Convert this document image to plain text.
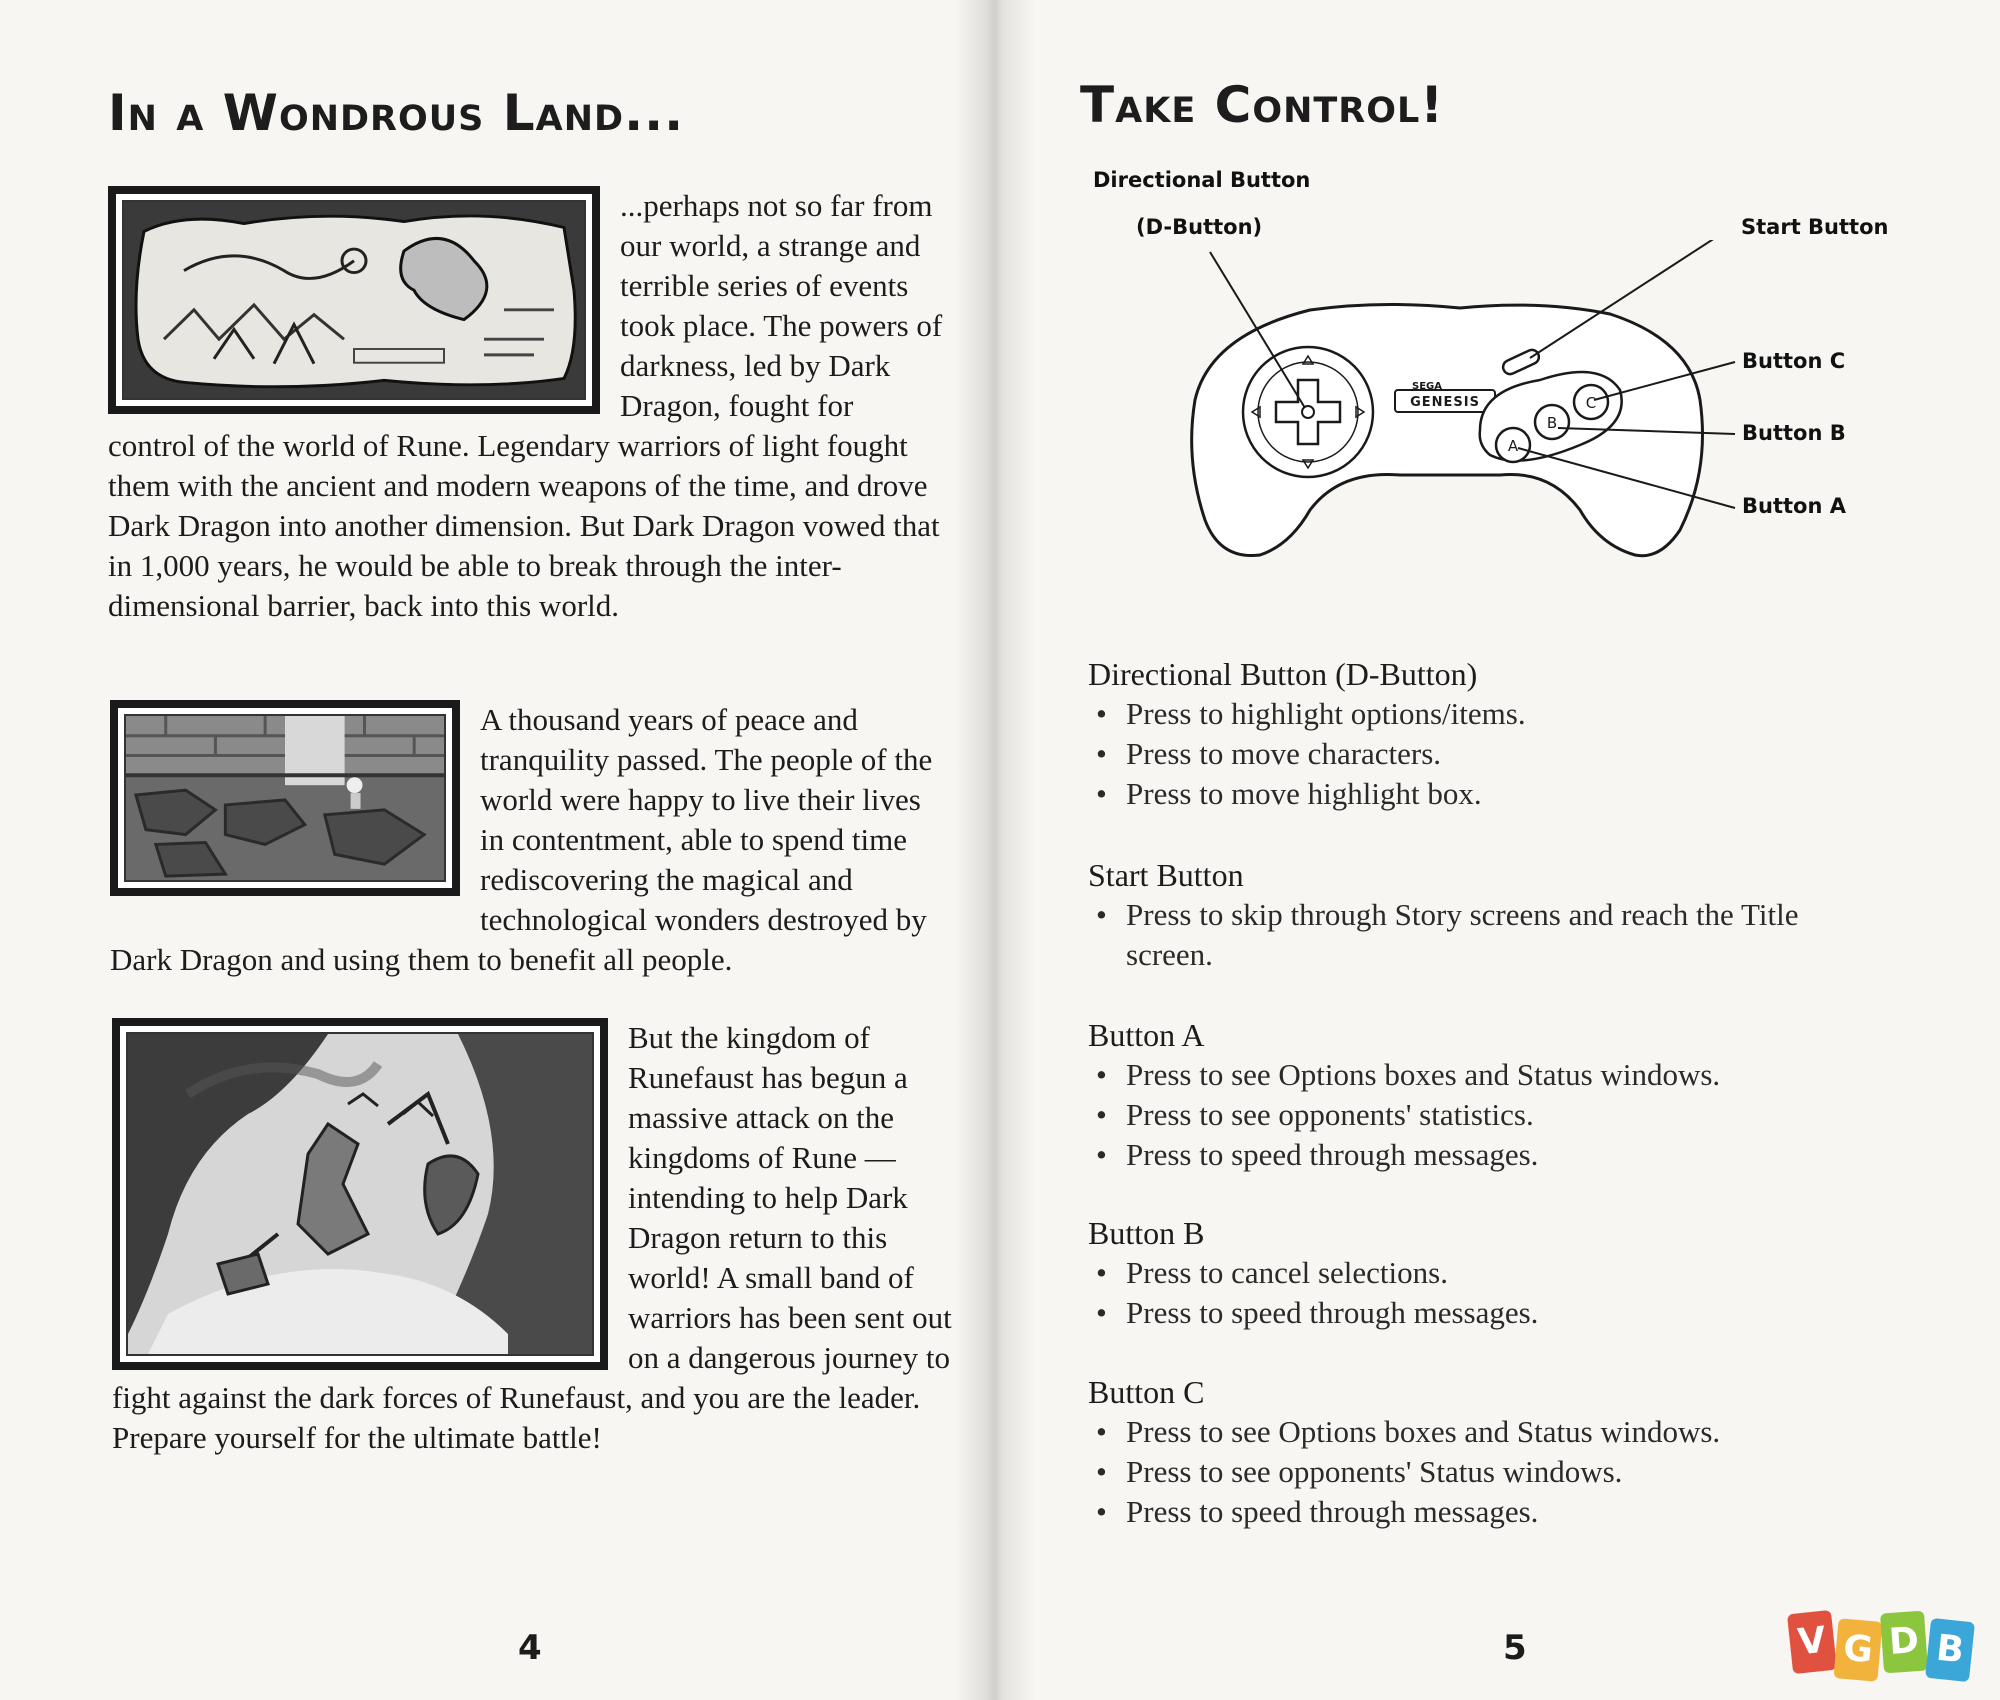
In a Wondrous Land...
...perhaps not so far from our world, a strange and terrible series of events took place. The powers of darkness, led by Dark Dragon, fought for control of the world of Rune. Legendary warriors of light fought them with the ancient and modern weapons of the time, and drove Dark Dragon into another dimension. But Dark Dragon vowed that in 1,000 years, he would be able to break through the inter-dimensional barrier, back into this world.
A thousand years of peace and tranquility passed. The people of the world were happy to live their lives in contentment, able to spend time rediscovering the magical and technological wonders destroyed by Dark Dragon and using them to benefit all people.
But the kingdom of Runefaust has begun a massive attack on the kingdoms of Rune — intending to help Dark Dragon return to this world! A small band of warriors has been sent out on a dangerous journey to fight against the dark forces of Runefaust, and you are the leader. Prepare yourself for the ultimate battle!
4
Take Control!
Directional Button
(D-Button)	Start Button
Button C
Button B
Button A
SEGA
GENESIS
A
B
C
Directional Button (D-Button)
• Press to highlight options/items.
• Press to move characters.
• Press to move highlight box.
Start Button
• Press to skip through Story screens and reach the Title screen.
Button A
• Press to see Options boxes and Status windows.
• Press to see opponents' statistics.
• Press to speed through messages.
Button B
• Press to cancel selections.
• Press to speed through messages.
Button C
• Press to see Options boxes and Status windows.
• Press to see opponents' Status windows.
• Press to speed through messages.
5	V G D B
